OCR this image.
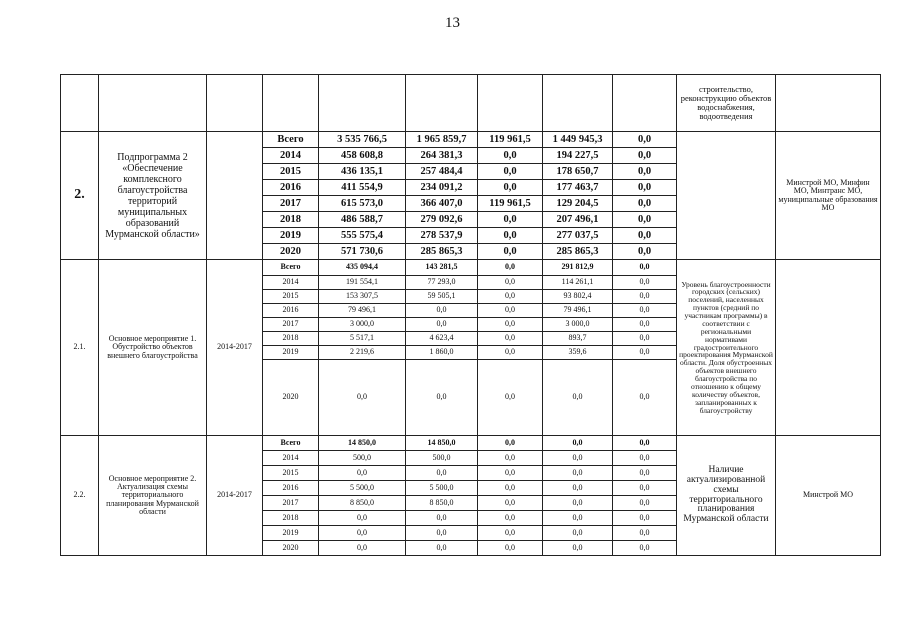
13
									строительство, реконструкцию объектов водоснабжения, водоотведения	
2.	Подпрограмма 2 «Обеспечение комплексного благоустройства территорий муниципальных образований Мурманской области»		Всего	3 535 766,5	1 965 859,7	119 961,5	1 449 945,3	0,0		Минстрой МО, Минфин МО, Минтранс МО, муниципальные образования МО
			2014	458 608,8	264 381,3	0,0	194 227,5	0,0		
			2015	436 135,1	257 484,4	0,0	178 650,7	0,0		
			2016	411 554,9	234 091,2	0,0	177 463,7	0,0		
			2017	615 573,0	366 407,0	119 961,5	129 204,5	0,0		
			2018	486 588,7	279 092,6	0,0	207 496,1	0,0		
			2019	555 575,4	278 537,9	0,0	277 037,5	0,0		
			2020	571 730,6	285 865,3	0,0	285 865,3	0,0		
2.1.	Основное мероприятие 1. Обустройство объектов внешнего благоустройства	2014-2017	Всего	435 094,4	143 281,5	0,0	291 812,9	0,0	Уровень благоустроенности городских (сельских) поселений, населенных пунктов (средний по участникам программы) в соответствии с региональными нормативами градостроительного проектирования Мурманской области. Доля обустроенных объектов внешнего благоустройства по отношению к общему количеству объектов, запланированных к благоустройству	
			2014	191 554,1	77 293,0	0,0	114 261,1	0,0		
			2015	153 307,5	59 505,1	0,0	93 802,4	0,0		
			2016	79 496,1	0,0	0,0	79 496,1	0,0		
			2017	3 000,0	0,0	0,0	3 000,0	0,0		
			2018	5 517,1	4 623,4	0,0	893,7	0,0		
			2019	2 219,6	1 860,0	0,0	359,6	0,0		
			2020	0,0	0,0	0,0	0,0	0,0		
2.2.	Основное мероприятие 2. Актуализация схемы территориального планирования Мурманской области	2014-2017	Всего	14 850,0	14 850,0	0,0	0,0	0,0	Наличие актуализированной схемы территориального планирования Мурманской области	Минстрой МО
			2014	500,0	500,0	0,0	0,0	0,0		
			2015	0,0	0,0	0,0	0,0	0,0		
			2016	5 500,0	5 500,0	0,0	0,0	0,0		
			2017	8 850,0	8 850,0	0,0	0,0	0,0		
			2018	0,0	0,0	0,0	0,0	0,0		
			2019	0,0	0,0	0,0	0,0	0,0		
			2020	0,0	0,0	0,0	0,0	0,0		
